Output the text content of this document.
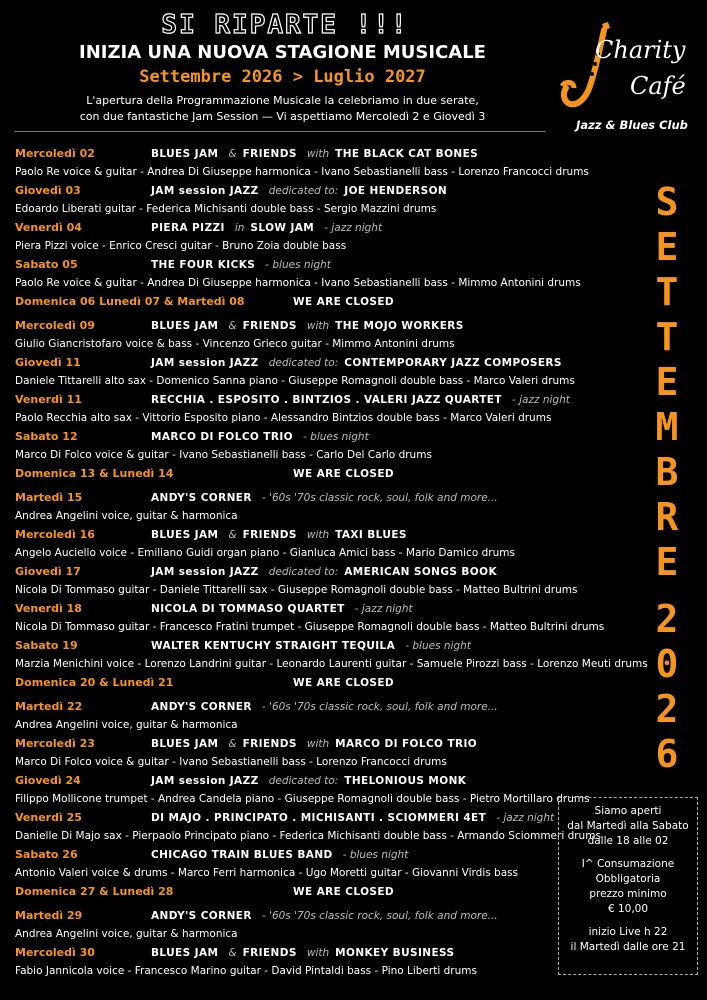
SI RIPARTE !!!
INIZIA UNA NUOVA STAGIONE MUSICALE
Settembre 2026 > Luglio 2027
L'apertura della Programmazione Musicale la celebriamo in due serate,
con due fantastiche Jam Session — Vi aspettiamo Mercoledì 2 e Giovedì 3
Charity
Café
Jazz & Blues Club
S
E
T
T
E
M
B
R
E
2
0
2
6
Mercoledì 02	BLUES JAM & FRIENDS with THE BLACK CAT BONES
Paolo Re voice & guitar - Andrea Di Giuseppe harmonica - Ivano Sebastianelli bass - Lorenzo Francocci drums
Giovedì 03	JAM session JAZZ dedicated to: JOE HENDERSON
Edoardo Liberati guitar - Federica Michisanti double bass - Sergio Mazzini drums
Venerdì 04	PIERA PIZZI in SLOW JAM - jazz night
Piera Pizzi voice - Enrico Cresci guitar - Bruno Zoia double bass
Sabato 05	THE FOUR KICKS - blues night
Paolo Re voice & guitar - Andrea Di Giuseppe harmonica - Ivano Sebastianelli bass - Mimmo Antonini drums
Domenica 06 Lunedì 07 & Martedì 08	WE ARE CLOSED
Mercoledì 09	BLUES JAM & FRIENDS with THE MOJO WORKERS
Giulio Giancristofaro voice & bass - Vincenzo Grieco guitar - Mimmo Antonini drums
Giovedì 11	JAM session JAZZ dedicated to: CONTEMPORARY JAZZ COMPOSERS
Daniele Tittarelli alto sax - Domenico Sanna piano - Giuseppe Romagnoli double bass - Marco Valeri drums
Venerdì 11	RECCHIA . ESPOSITO . BINTZIOS . VALERI JAZZ QUARTET - jazz night
Paolo Recchia alto sax - Vittorio Esposito piano - Alessandro Bintzios double bass - Marco Valeri drums
Sabato 12	MARCO DI FOLCO TRIO - blues night
Marco Di Folco voice & guitar - Ivano Sebastianelli bass - Carlo Del Carlo drums
Domenica 13 & Lunedì 14	WE ARE CLOSED
Martedì 15	ANDY'S CORNER - '60s '70s classic rock, soul, folk and more...
Andrea Angelini voice, guitar & harmonica
Mercoledì 16	BLUES JAM & FRIENDS with TAXI BLUES
Angelo Auciello voice - Emiliano Guidi organ piano - Gianluca Amici bass - Mario Damico drums
Giovedì 17	JAM session JAZZ dedicated to: AMERICAN SONGS BOOK
Nicola Di Tommaso guitar - Daniele Tittarelli sax - Giuseppe Romagnoli double bass - Matteo Bultrini drums
Venerdì 18	NICOLA DI TOMMASO QUARTET - jazz night
Nicola Di Tommaso guitar - Francesco Fratini trumpet - Giuseppe Romagnoli double bass - Matteo Bultrini drums
Sabato 19	WALTER KENTUCHY STRAIGHT TEQUILA - blues night
Marzia Menichini voice - Lorenzo Landrini guitar - Leonardo Laurenti guitar - Samuele Pirozzi bass - Lorenzo Meuti drums
Domenica 20 & Lunedì 21	WE ARE CLOSED
Martedì 22	ANDY'S CORNER - '60s '70s classic rock, soul, folk and more...
Andrea Angelini voice, guitar & harmonica
Mercoledì 23	BLUES JAM & FRIENDS with MARCO DI FOLCO TRIO
Marco Di Folco voice & guitar - Ivano Sebastianelli bass - Lorenzo Francocci drums
Giovedì 24	JAM session JAZZ dedicated to: THELONIOUS MONK
Filippo Mollicone trumpet - Andrea Candela piano - Giuseppe Romagnoli double bass - Pietro Mortillaro drums
Venerdì 25	DI MAJO . PRINCIPATO . MICHISANTI . SCIOMMERI 4ET - jazz night
Danielle Di Majo sax - Pierpaolo Principato piano - Federica Michisanti double bass - Armando Sciommeri drums
Sabato 26	CHICAGO TRAIN BLUES BAND - blues night
Antonio Valeri voice & drums - Marco Ferri harmonica - Ugo Moretti guitar - Giovanni Virdis bass
Domenica 27 & Lunedì 28	WE ARE CLOSED
Martedì 29	ANDY'S CORNER - '60s '70s classic rock, soul, folk and more...
Andrea Angelini voice, guitar & harmonica
Mercoledì 30	BLUES JAM & FRIENDS with MONKEY BUSINESS
Fabio Jannicola voice - Francesco Marino guitar - David Pintaldi bass - Pino Liberti drums
Siamo aperti
dal Martedì alla Sabato
dalle 18 alle 02
I^ Consumazione
Obbligatoria
prezzo minimo
€ 10,00
inizio Live h 22
il Martedì dalle ore 21
